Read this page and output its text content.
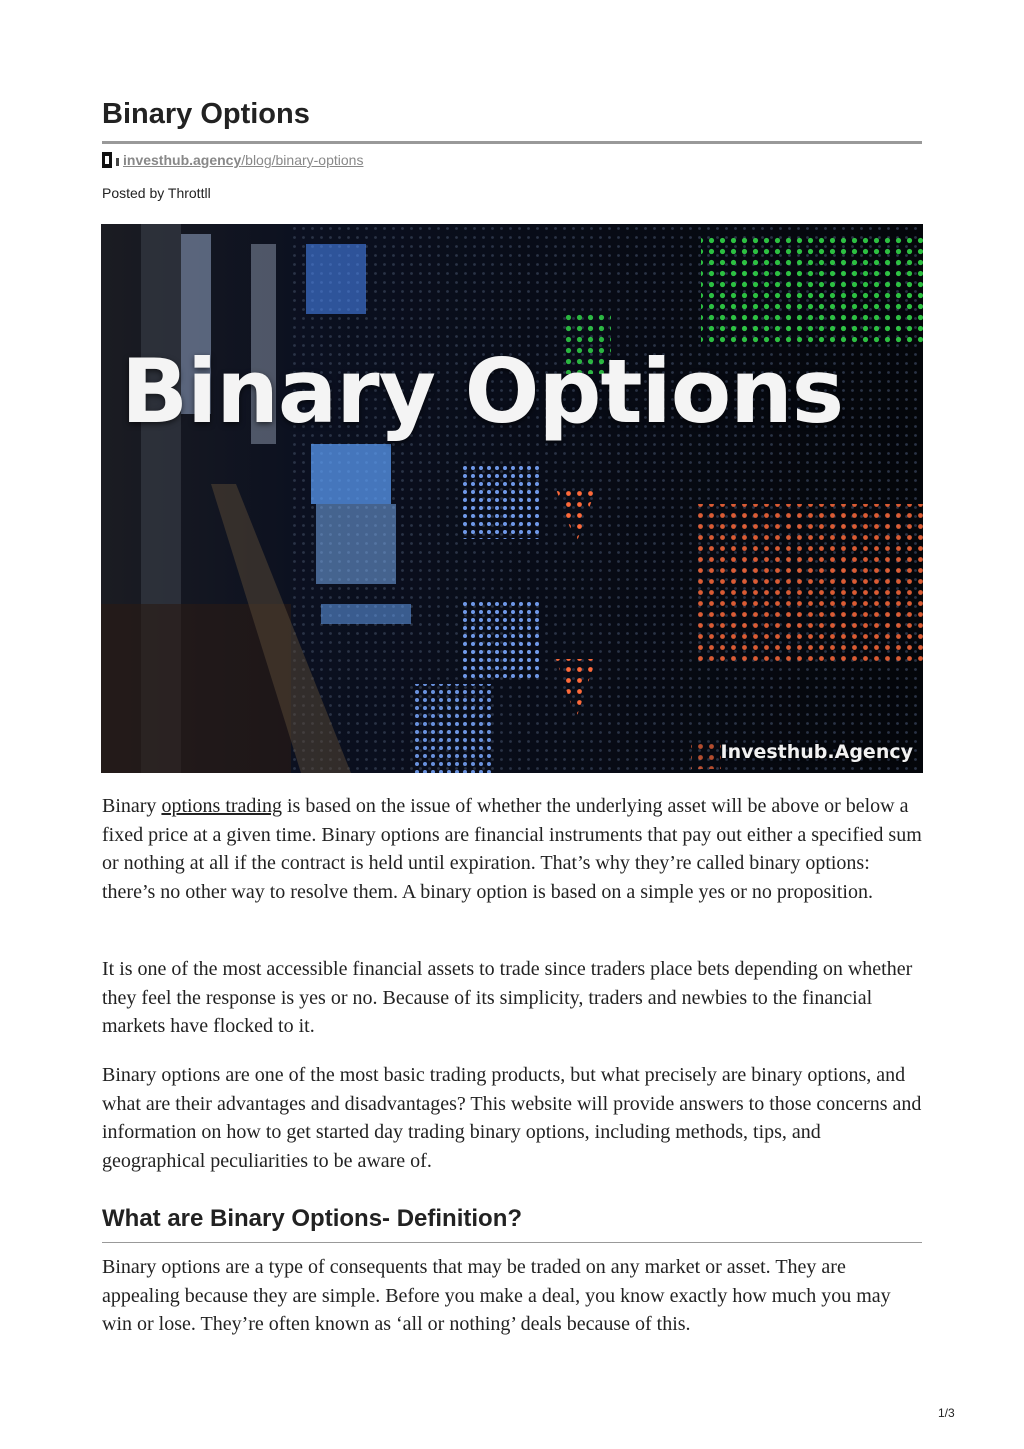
Binary Options
investhub.agency/blog/binary-options
Posted by Throttll
Binary Options
Investhub.Agency

Binary options trading is based on the issue of whether the underlying asset will be above or below a fixed price at a given time. Binary options are financial instruments that pay out either a specified sum or nothing at all if the contract is held until expiration. That’s why they’re called binary options: there’s no other way to resolve them. A binary option is based on a simple yes or no proposition.

It is one of the most accessible financial assets to trade since traders place bets depending on whether they feel the response is yes or no. Because of its simplicity, traders and newbies to the financial markets have flocked to it.

Binary options are one of the most basic trading products, but what precisely are binary options, and what are their advantages and disadvantages? This website will provide answers to those concerns and information on how to get started day trading binary options, including methods, tips, and geographical peculiarities to be aware of.

What are Binary Options- Definition?

Binary options are a type of consequents that may be traded on any market or asset. They are appealing because they are simple. Before you make a deal, you know exactly how much you may win or lose. They’re often known as ‘all or nothing’ deals because of this.

1/3
